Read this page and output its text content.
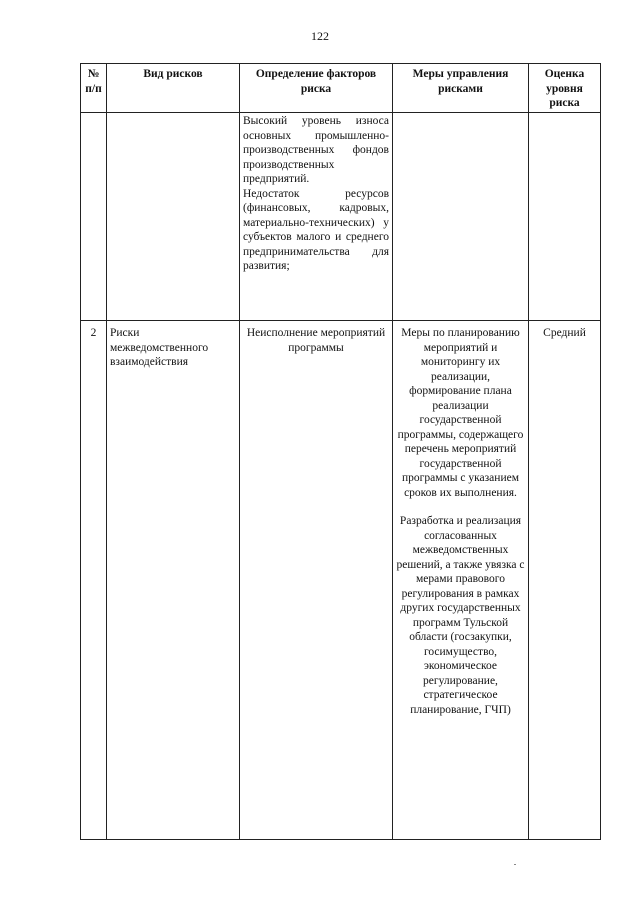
122
№ п/п	Вид рисков	Определение факторов риска	Меры управления рисками	Оценка уровня риска

		Высокий уровень износа основных промышленно-производственных фондов производственных предприятий.
Недостаток ресурсов (финансовых, кадровых, материально-технических) у субъектов малого и среднего предпринимательства для развития;		

2	Риски межведомственного взаимодействия	Неисполнение мероприятий программы	Меры по планированию мероприятий и мониторингу их реализации, формирование плана реализации государственной программы, содержащего перечень мероприятий государственной программы с указанием сроков их выполнения.
Разработка и реализация согласованных межведомственных решений, а также увязка с мерами правового регулирования в рамках других государственных программ Тульской области (госзакупки, госимущество, экономическое регулирование, стратегическое планирование, ГЧП)	Средний
